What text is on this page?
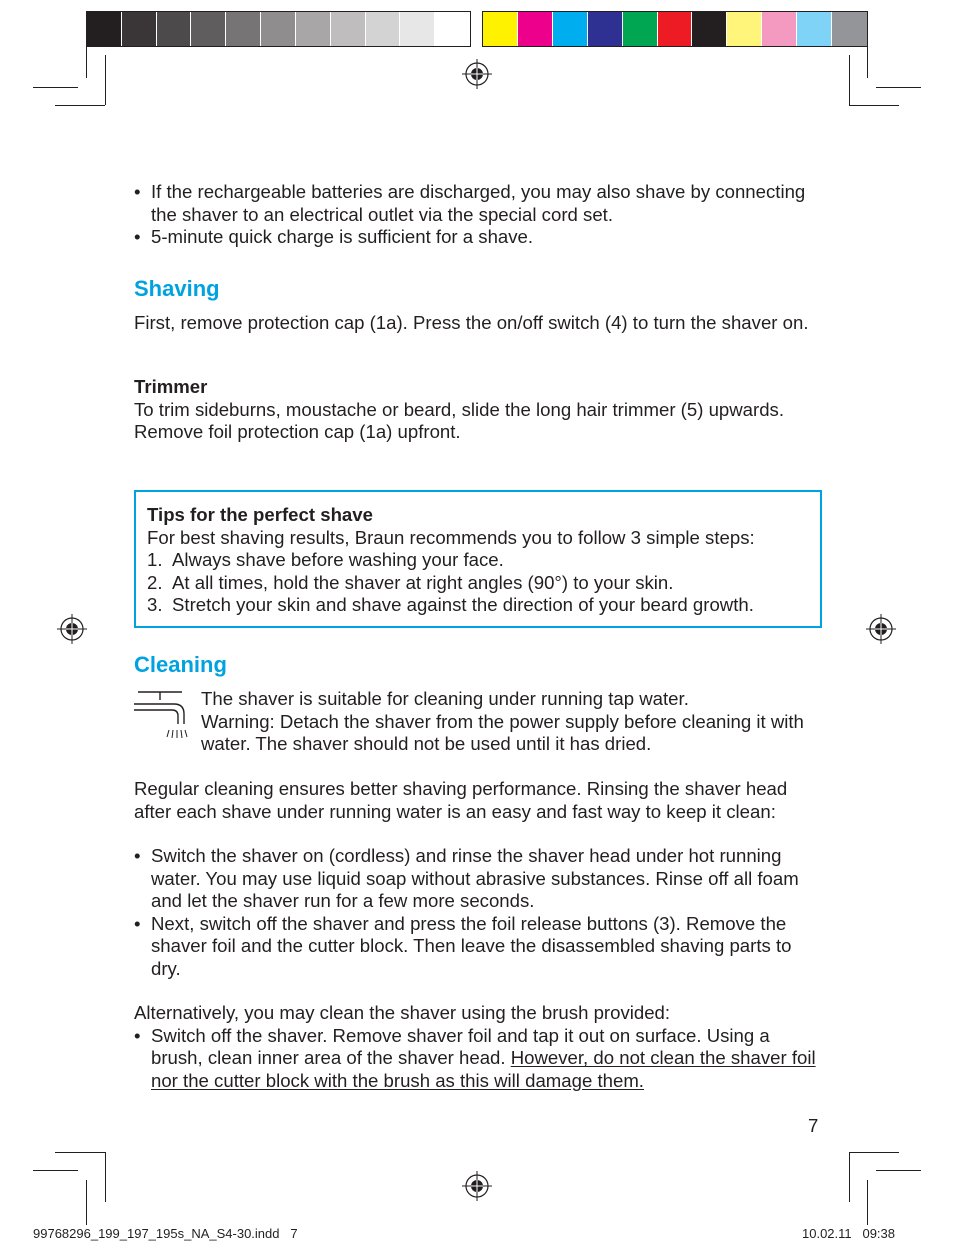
• If the rechargeable batteries are discharged, you may also shave by connecting the shaver to an electrical outlet via the special cord set.
• 5-minute quick charge is sufficient for a shave.
Shaving

First, remove protection cap (1a). Press the on/off switch (4) to turn the shaver on.

Trimmer
To trim sideburns, moustache or beard, slide the long hair trimmer (5) upwards.
Remove foil protection cap (1a) upfront.
Tips for the perfect shave
For best shaving results, Braun recommends you to follow 3 simple steps:
1. Always shave before washing your face.
2. At all times, hold the shaver at right angles (90°) to your skin.
3. Stretch your skin and shave against the direction of your beard growth.
Cleaning
The shaver is suitable for cleaning under running tap water.
Warning: Detach the shaver from the power supply before cleaning it with water. The shaver should not be used until it has dried.

Regular cleaning ensures better shaving performance. Rinsing the shaver head after each shave under running water is an easy and fast way to keep it clean:

• Switch the shaver on (cordless) and rinse the shaver head under hot running water. You may use liquid soap without abrasive substances. Rinse off all foam and let the shaver run for a few more seconds.
• Next, switch off the shaver and press the foil release buttons (3). Remove the shaver foil and the cutter block. Then leave the disassembled shaving parts to dry.
Alternatively, you may clean the shaver using the brush provided:
• Switch off the shaver. Remove shaver foil and tap it out on surface. Using a brush, clean inner area of the shaver head. However, do not clean the shaver foil nor the cutter block with the brush as this will damage them.
7
99768296_199_197_195s_NA_S4-30.indd   7	10.02.11   09:38
